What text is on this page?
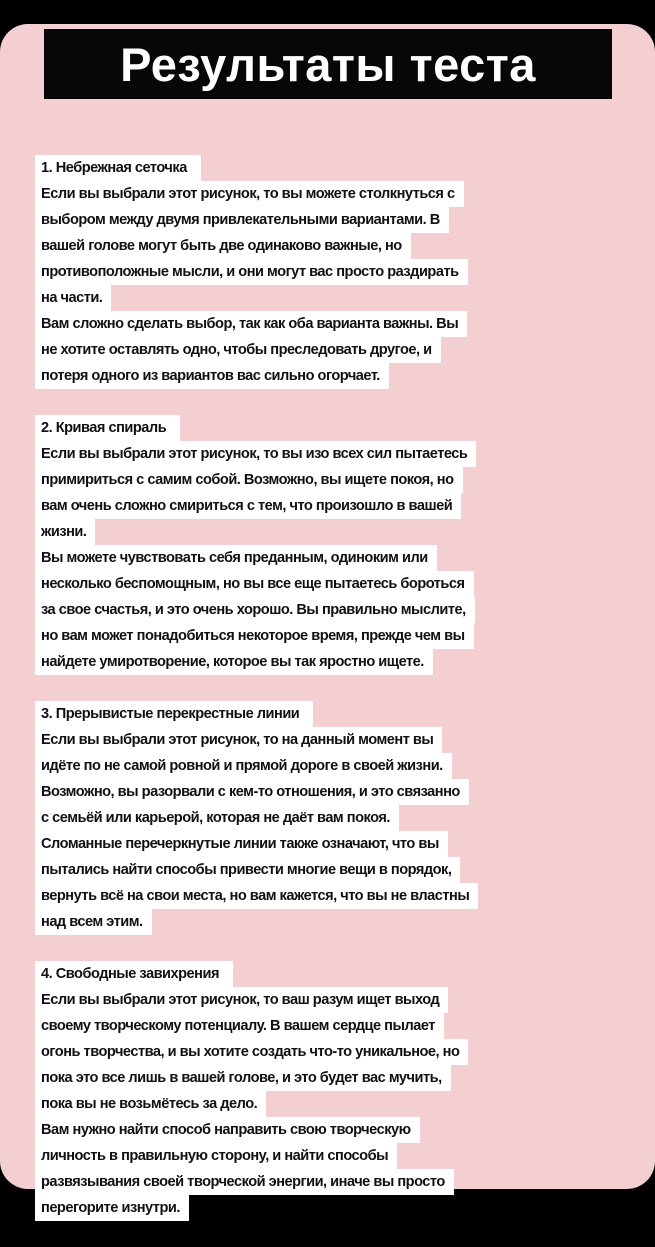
Результаты теста
1. Небрежная сеточка
Если вы выбрали этот рисунок, то вы можете столкнуться с
выбором между двумя привлекательными вариантами. В
вашей голове могут быть две одинаково важные, но
противоположные мысли, и они могут вас просто раздирать
на части.
Вам сложно сделать выбор, так как оба варианта важны. Вы
не хотите оставлять одно, чтобы преследовать другое, и
потеря одного из вариантов вас сильно огорчает.
2. Кривая спираль
Если вы выбрали этот рисунок, то вы изо всех сил пытаетесь
примириться с самим собой. Возможно, вы ищете покоя, но
вам очень сложно смириться с тем, что произошло в вашей
жизни.
Вы можете чувствовать себя преданным, одиноким или
несколько беспомощным, но вы все еще пытаетесь бороться
за свое счастья, и это очень хорошо. Вы правильно мыслите,
но вам может понадобиться некоторое время, прежде чем вы
найдете умиротворение, которое вы так яростно ищете.
3. Прерывистые перекрестные линии
Если вы выбрали этот рисунок, то на данный момент вы
идёте по не самой ровной и прямой дороге в своей жизни.
Возможно, вы разорвали с кем-то отношения, и это связанно
с семьёй или карьерой, которая не даёт вам покоя.
Сломанные перечеркнутые линии также означают, что вы
пытались найти способы привести многие вещи в порядок,
вернуть всё на свои места, но вам кажется, что вы не властны
над всем этим.
4. Свободные завихрения
Если вы выбрали этот рисунок, то ваш разум ищет выход
своему творческому потенциалу. В вашем сердце пылает
огонь творчества, и вы хотите создать что-то уникальное, но
пока это все лишь в вашей голове, и это будет вас мучить,
пока вы не возьмётесь за дело.
Вам нужно найти способ направить свою творческую
личность в правильную сторону, и найти способы
развязывания своей творческой энергии, иначе вы просто
перегорите изнутри.
